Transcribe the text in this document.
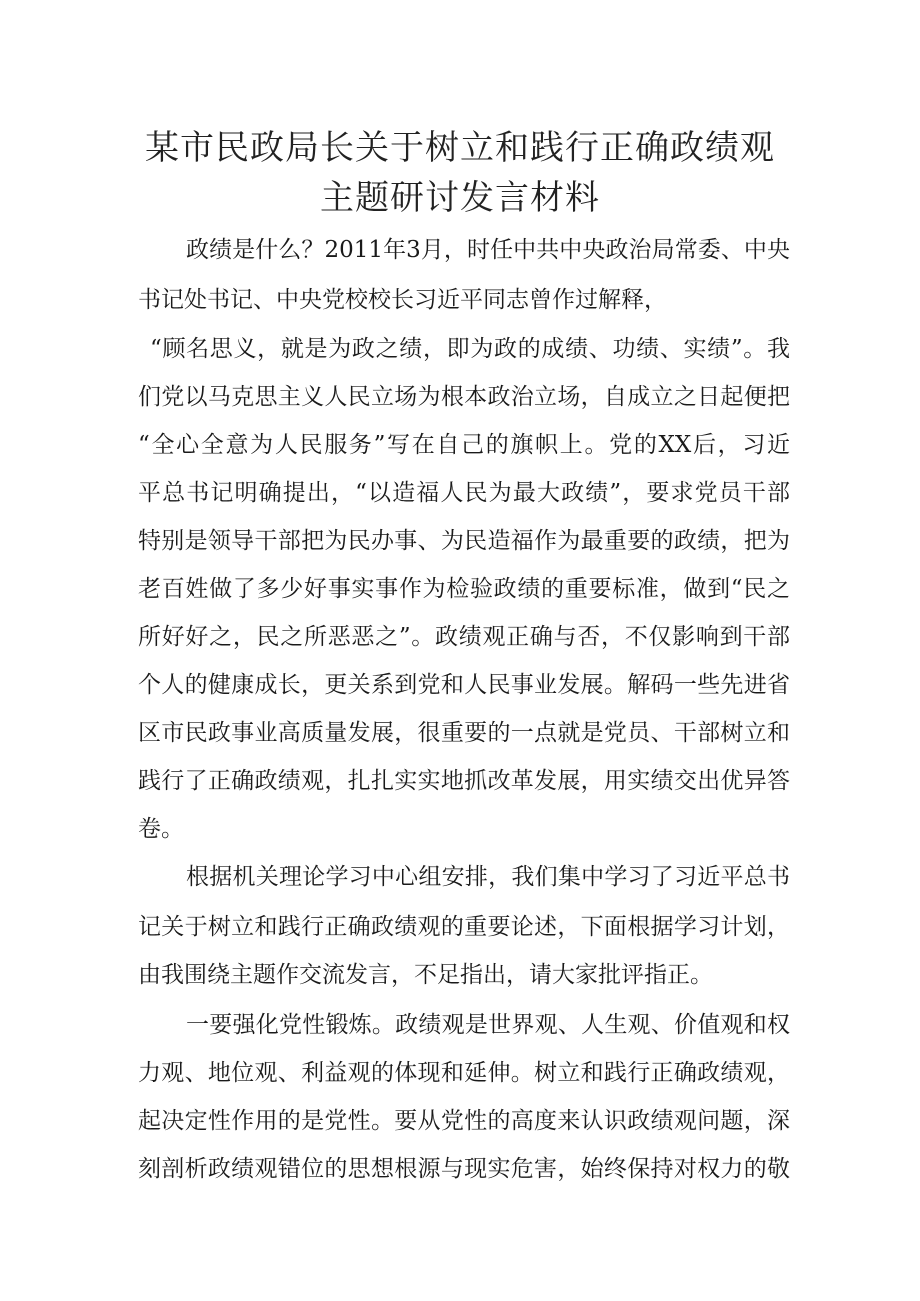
某市民政局长关于树立和践行正确政绩观
主题研讨发言材料
政绩是什么？2011年3月，时任中共中央政治局常委、中央
书记处书记、中央党校校长习近平同志曾作过解释，
“顾名思义，就是为政之绩，即为政的成绩、功绩、实绩”。我
们党以马克思主义人民立场为根本政治立场，自成立之日起便把
“全心全意为人民服务”写在自己的旗帜上。党的XX后，习近
平总书记明确提出，“以造福人民为最大政绩”，要求党员干部
特别是领导干部把为民办事、为民造福作为最重要的政绩，把为
老百姓做了多少好事实事作为检验政绩的重要标准，做到“民之
所好好之，民之所恶恶之”。政绩观正确与否，不仅影响到干部
个人的健康成长，更关系到党和人民事业发展。解码一些先进省
区市民政事业高质量发展，很重要的一点就是党员、干部树立和
践行了正确政绩观，扎扎实实地抓改革发展，用实绩交出优异答
卷。
根据机关理论学习中心组安排，我们集中学习了习近平总书
记关于树立和践行正确政绩观的重要论述，下面根据学习计划，
由我围绕主题作交流发言，不足指出，请大家批评指正。
一要强化党性锻炼。政绩观是世界观、人生观、价值观和权
力观、地位观、利益观的体现和延伸。树立和践行正确政绩观，
起决定性作用的是党性。要从党性的高度来认识政绩观问题，深
刻剖析政绩观错位的思想根源与现实危害，始终保持对权力的敬
